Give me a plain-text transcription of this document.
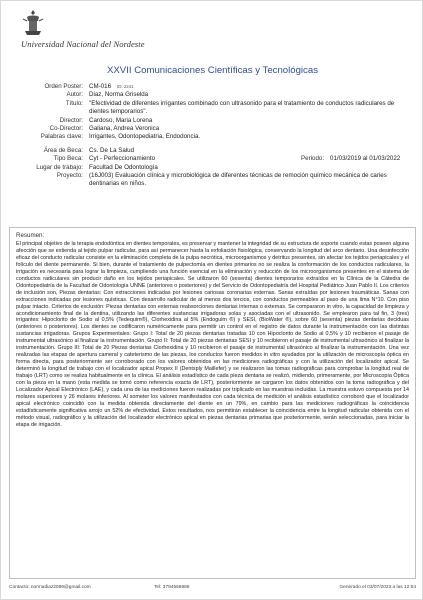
Universidad Nacional del Nordeste
XXVII Comunicaciones Científicas y Tecnológicas
Orden Poster: CM-016 ID: 2241
Autor: Diaz, Norma Griselda
Título: "Efectividad de diferentes irrigantes combinado con ultrasonido para el tratamiento de conductos radiculares de dientes temporarios".
Director: Cardoso, Maria Lorena
Co-Director: Galiana, Andrea Veronica
Palabras clave: Irrigantes, Odontopediatria, Endodoncia.
Área de Beca: Cs. De La Salud
Tipo Beca: Cyt - Perfeccionamiento	Periodo: 01/03/2019 al 01/03/2022
Lugar de trabajo: Facultad De Odontología
Proyecto: (16J003) Evaluación clínica y microbiológica de diferentes técnicas de remoción químico mecánica de caries dentinarias en niños.
Resumen:
El principal objetivo de la terapia endodóntica en dientes temporales, es preservar y mantener la integridad de su estructura de soporte cuando estas poseen alguna afección que se extienda al tejido pulpar radicular, para así permanecer hasta la exfoliación fisiológica, conservando la longitud del arco dentario. Una desinfección eficaz del conducto radicular consiste en la eliminación completa de la pulpa necrótica, microorganismos y detritus presentes, sin afectar los tejidos periapicales y el folículo del diente permanente. Si bien, durante el tratamiento de pulpectomía en dientes primarios no se realiza la conformación de los conductos radiculares, la irrigación es necesaria para lograr la limpieza, cumpliendo una función esencial en la eliminación y reducción de los microorganismos presentes en el sistema de conductos radiculares sin producir daño en los tejidos periapicales. Se utilizaron 60 (sesenta) dientes temporarios extraídos en la Clínica de la Cátedra de Odontopediatría de la Facultad de Odontología UNNE (anteriores o posteriores) y del Servicio de Odontopediatría del Hospital Pediátrico Juan Pablo II. Los criterios de inclusión son, Piezas dentarias: Con extracciones indicadas por lesiones cariosas coronarias externas. Sanas extraídas por lesiones traumáticas. Sanas con extracciones indicadas por lesiones quísticas. Con desarrollo radicular de al menos dos tercios, con conductos permeables al paso de una lima N°10. Con piso pulpar intacto. Criterios de exclusión: Piezas dentarias con externas reabsorciones dentarias internas o externas. Se compararon in vitro, la capacidad de limpieza y acondicionamiento final de la dentina, utilizando las diferentes sustancias irrigadoras solas y asociadas con el ultrasonido. Se emplearon para tal fin, 3 (tres) irrigantes: Hipoclorito de Sodio al 0,5% (Tedequim®), Clorhexidina al 5% (Endoguim ®) y SESI, (BioWater ®), sobre 60 (sesenta) piezas dentarias deciduas (anteriores o posteriores). Los dientes se codificaron numéricamente para permitir un control en el registro de datos durante la instrumentación con las distintas sustancias irrigadoras. Grupos Experimentales: Grupo I: Total de 20 piezas dentarias tratadas 10 con Hipoclorito de Sodio al 0,5% y 10 recibieron el pasaje de instrumental ultrasónico al finalizar la instrumentación. Grupo II: Total de 20 piezas dentarias SESI y 10 recibieron el pasaje de instrumental ultrasónico al finalizar la instrumentación. Grupo III: Total de 20 Piezas dentarias Clorhexidina y 10 recibieron el pasaje de instrumental ultrasónico al finalizar la instrumentación. Una vez realizadas las etapas de apertura cameral y cateterismo de las piezas, los conductos fueron medidos in vitro ayudados por la utilización de microscopía óptica en forma directa, para posteriormente ser corroborado con los valores obtenidos en las mediciones radiográficas y con la utilización del localizador apical. Se determinó la longitud de trabajo con el localizador apical Propex II (Dentsply Maillefer) y se realizaron las tomas radiográficas para comprobar la longitud real de trabajo (LRT) como se realiza habitualmente en la clínica. El análisis estadístico de cada pieza dentaria se realizó, midiendo, primeramente, por Microscopía Óptica con la pieza en la mano (esta medida se tomó como referencia exacta de LRT), posteriormente se cargaron los datos obtenidos con la toma radiográfica y del Localizador Apical Electrónico (LAE), y cada una de las mediciones fueron realizadas por triplicado en las muestras incluidas. La muestra estuvo compuesta por 14 molares superiores y 26 molares inferiores. Al someter los valores manifestados con cada técnica de medición el análisis estadístico corroboró que el localizador apical electrónico coincidió con la medida obtenida directamente del diente en un 79%, en cambio para las mediciones radiográficas la coincidencia estadísticamente significativa arrojo un 52% de efectividad. Estos resultados, nos permitirán establecer la coincidencia entre la longitud radicular obtenida con el método visual, radiográfico y la utilización del localizador electrónico apical en piezas dentarias primarias que posteriormente, serán seleccionadas, para iniciar la etapa de irrigación.
Contacto: normadiaz2089@gmail.com	Tel: 3794566986	Generado el 03/07/2023 a las 12:54
